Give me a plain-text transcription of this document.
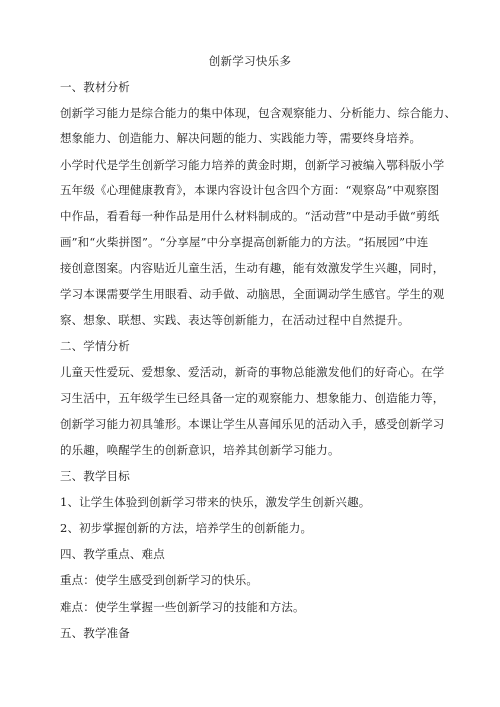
创新学习快乐多
一、教材分析
创新学习能力是综合能力的集中体现，包含观察能力、分析能力、综合能力、
想象能力、创造能力、解决问题的能力、实践能力等，需要终身培养。
小学时代是学生创新学习能力培养的黄金时期，创新学习被编入鄂科版小学
五年级《心理健康教育》，本课内容设计包含四个方面：“观察岛”中观察图
中作品，看看每一种作品是用什么材料制成的。“活动营”中是动手做“剪纸
画”和“火柴拼图”。“分享屋”中分享提高创新能力的方法。“拓展园”中连
接创意图案。内容贴近儿童生活，生动有趣，能有效激发学生兴趣，同时，
学习本课需要学生用眼看、动手做、动脑思，全面调动学生感官。学生的观
察、想象、联想、实践、表达等创新能力，在活动过程中自然提升。
二、学情分析
儿童天性爱玩、爱想象、爱活动，新奇的事物总能激发他们的好奇心。在学
习生活中，五年级学生已经具备一定的观察能力、想象能力、创造能力等，
创新学习能力初具雏形。本课让学生从喜闻乐见的活动入手，感受创新学习
的乐趣，唤醒学生的创新意识，培养其创新学习能力。
三、教学目标
1、让学生体验到创新学习带来的快乐，激发学生创新兴趣。
2、初步掌握创新的方法，培养学生的创新能力。
四、教学重点、难点
重点：使学生感受到创新学习的快乐。
难点：使学生掌握一些创新学习的技能和方法。
五、教学准备
